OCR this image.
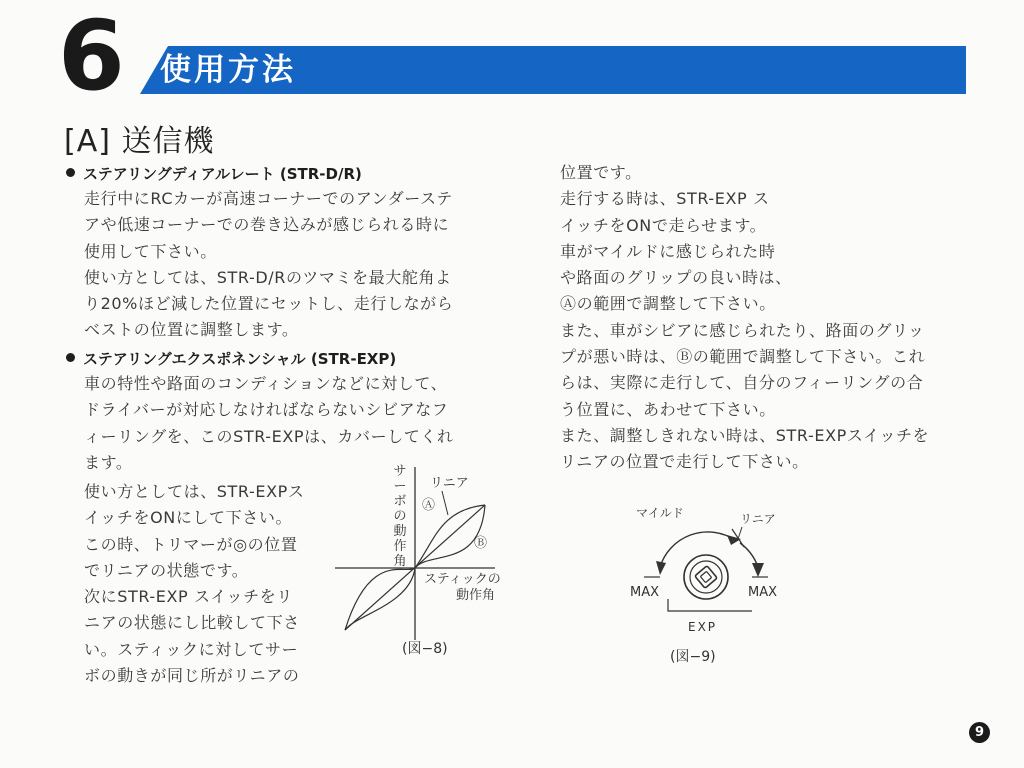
6 使用方法
[A] 送信機
ステアリングディアルレート (STR-D/R)
走行中にRCカーが高速コーナーでのアンダーステ
アや低速コーナーでの巻き込みが感じられる時に
使用して下さい。
使い方としては、STR-D/Rのツマミを最大舵角よ
り20%ほど減した位置にセットし、走行しながら
ベストの位置に調整します。
ステアリングエクスポネンシャル (STR-EXP)
車の特性や路面のコンディションなどに対して、
ドライバーが対応しなければならないシビアなフ
ィーリングを、このSTR-EXPは、カバーしてくれ
ます。
使い方としては、STR-EXPス
イッチをONにして下さい。
この時、トリマーが◎の位置
でリニアの状態です。
次にSTR-EXP スイッチをリ
ニアの状態にし比較して下さ
い。スティックに対してサー
ボの動きが同じ所がリニアの
サ
ー
ボ
の
動
作
角
リニア
Ⓐ
Ⓑ
スティックの
動作角
(図−8)
位置です。
走行する時は、STR-EXP ス
イッチをONで走らせます。
車がマイルドに感じられた時
や路面のグリップの良い時は、
Ⓐの範囲で調整して下さい。
また、車がシビアに感じられたり、路面のグリッ
プが悪い時は、Ⓑの範囲で調整して下さい。これ
らは、実際に走行して、自分のフィーリングの合
う位置に、あわせて下さい。
また、調整しきれない時は、STR-EXPスイッチを
リニアの位置で走行して下さい。
マイルド	リニア
MAX	MAX
EXP
(図−9)
9
